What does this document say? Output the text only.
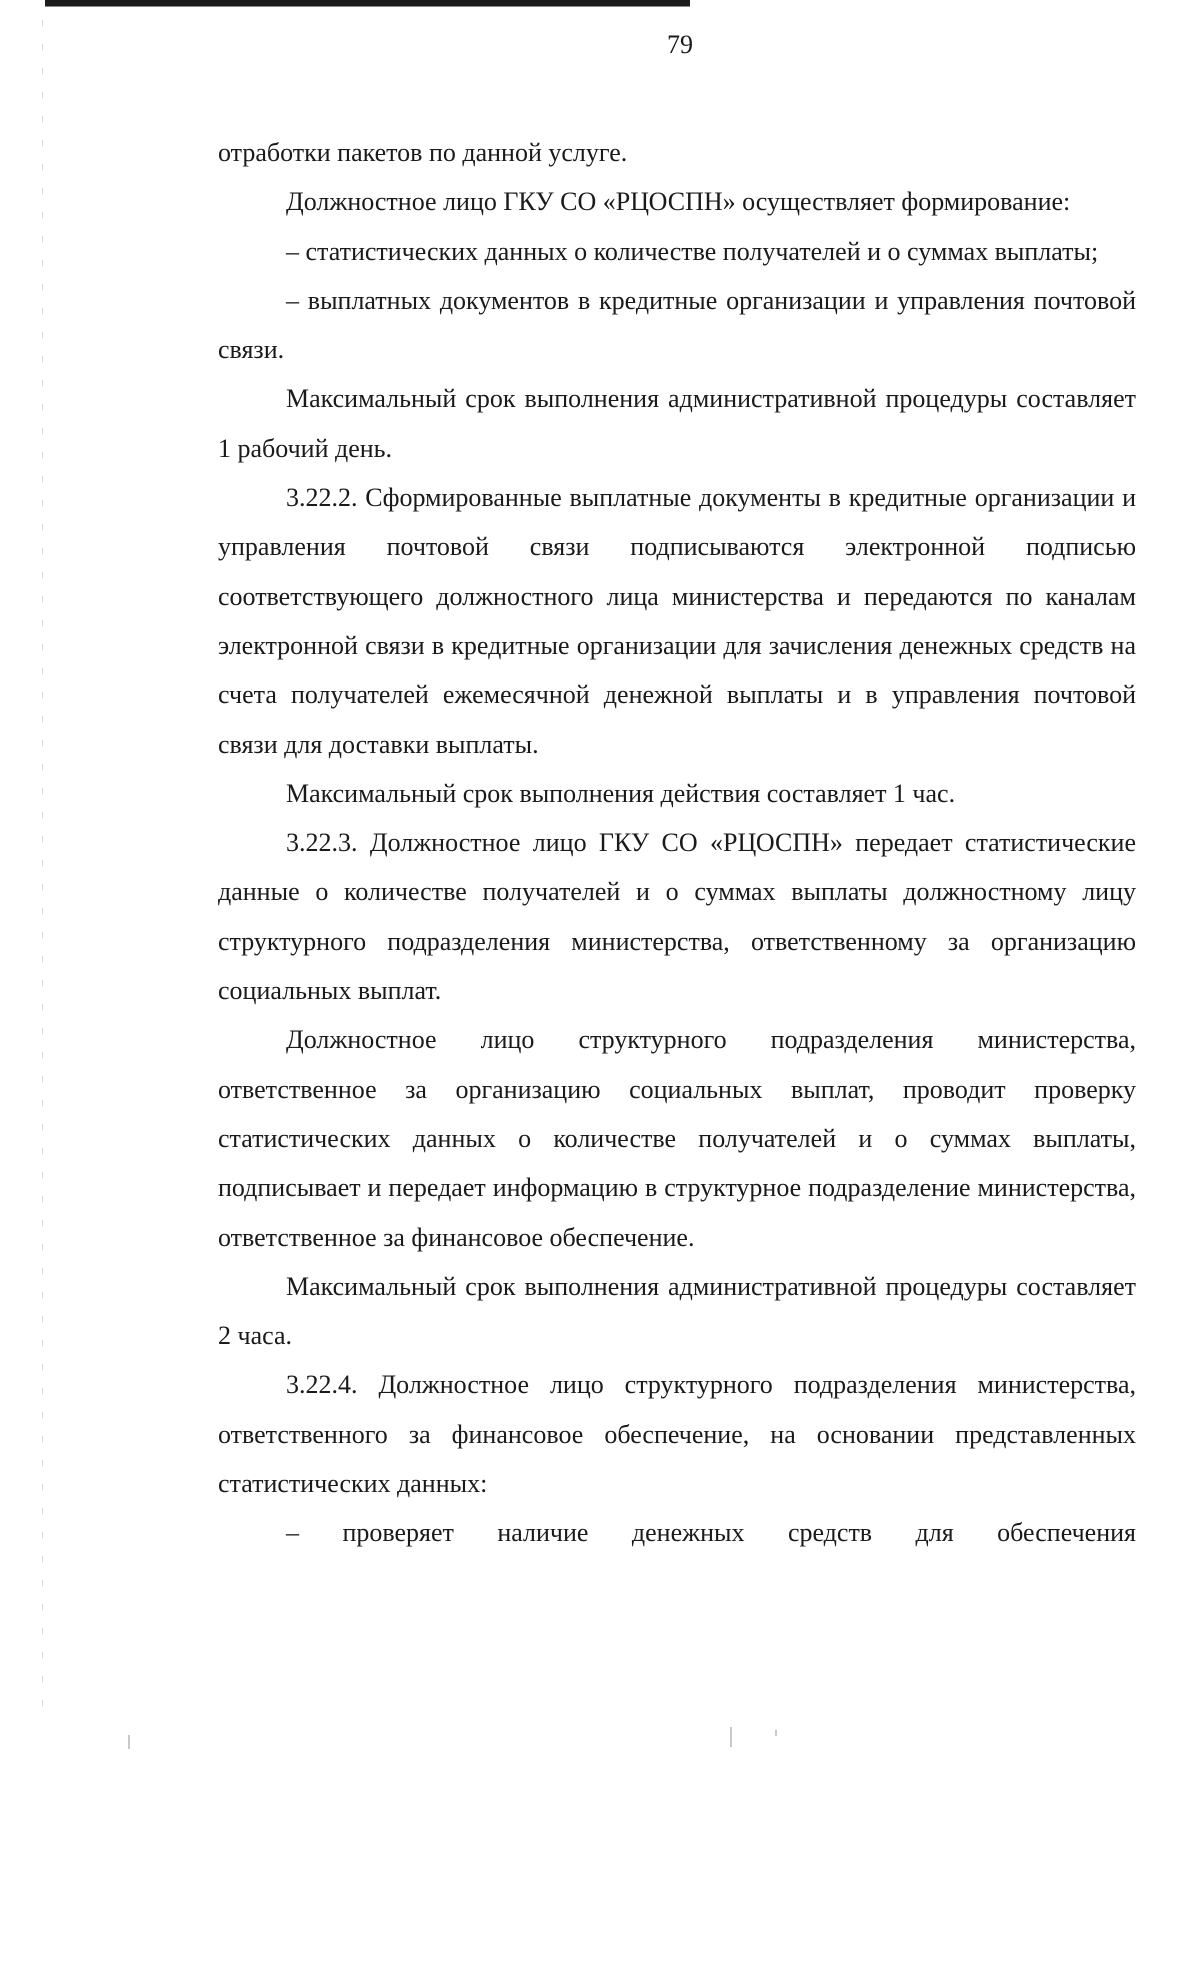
79

отработки пакетов по данной услуге.

Должностное лицо ГКУ СО «РЦОСПН» осуществляет формирование:

– статистических данных о количестве получателей и о суммах выплаты;

– выплатных документов в кредитные организации и управления почтовой связи.

Максимальный срок выполнения административной процедуры составляет 1 рабочий день.

3.22.2. Сформированные выплатные документы в кредитные организации и управления почтовой связи подписываются электронной подписью соответствующего должностного лица министерства и передаются по каналам электронной связи в кредитные организации для зачисления денежных средств на счета получателей ежемесячной денежной выплаты и в управления почтовой связи для доставки выплаты.

Максимальный срок выполнения действия составляет 1 час.

3.22.3. Должностное лицо ГКУ СО «РЦОСПН» передает статистические данные о количестве получателей и о суммах выплаты должностному лицу структурного подразделения министерства, ответственному за организацию социальных выплат.

Должностное лицо структурного подразделения министерства, ответственное за организацию социальных выплат, проводит проверку статистических данных о количестве получателей и о суммах выплаты, подписывает и передает информацию в структурное подразделение министерства, ответственное за финансовое обеспечение.

Максимальный срок выполнения административной процедуры составляет 2 часа.

3.22.4. Должностное лицо структурного подразделения министерства, ответственного за финансовое обеспечение, на основании представленных статистических данных:

– проверяет наличие денежных средств для обеспечения
